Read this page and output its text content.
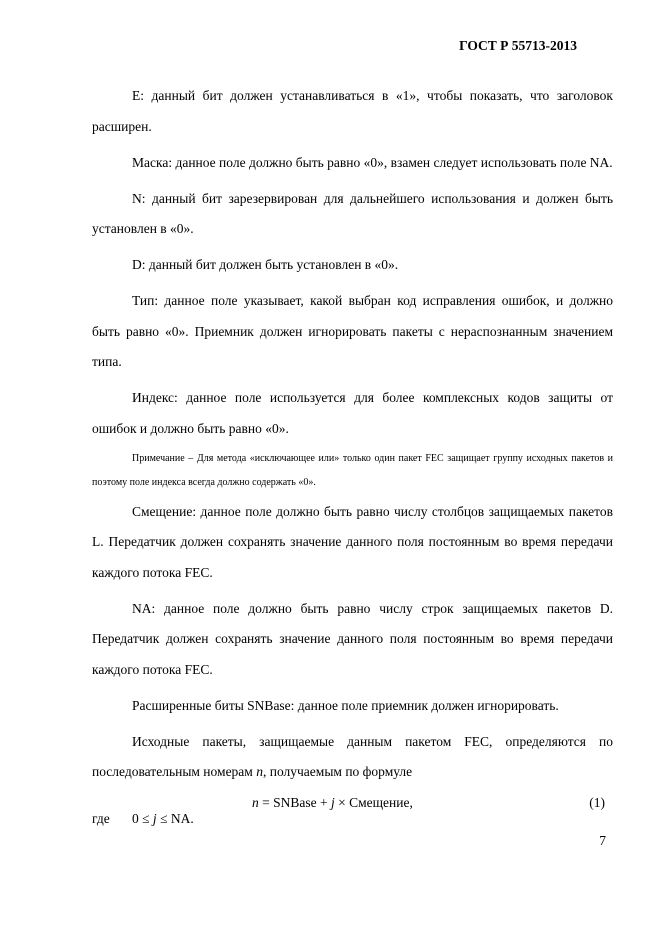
ГОСТ Р 55713-2013

E: данный бит должен устанавливаться в «1», чтобы показать, что заголовок расширен.

Маска: данное поле должно быть равно «0», взамен следует использовать поле NA.

N: данный бит зарезервирован для дальнейшего использования и должен быть установлен в «0».

D: данный бит должен быть установлен в «0».

Тип: данное поле указывает, какой выбран код исправления ошибок, и должно быть равно «0». Приемник должен игнорировать пакеты с нераспознанным значением типа.

Индекс: данное поле используется для более комплексных кодов защиты от ошибок и должно быть равно «0».

Примечание – Для метода «исключающее или» только один пакет FEC защищает группу исходных пакетов и поэтому поле индекса всегда должно содержать «0».

Смещение: данное поле должно быть равно числу столбцов защищаемых пакетов L. Передатчик должен сохранять значение данного поля постоянным во время передачи каждого потока FEC.

NA: данное поле должно быть равно числу строк защищаемых пакетов D. Передатчик должен сохранять значение данного поля постоянным во время передачи каждого потока FEC.

Расширенные биты SNBase: данное поле приемник должен игнорировать.

Исходные пакеты, защищаемые данным пакетом FEC, определяются по последовательным номерам n, получаемым по формуле

n = SNBase + j × Смещение,	(1)
где 0 ≤ j ≤ NA.
7
